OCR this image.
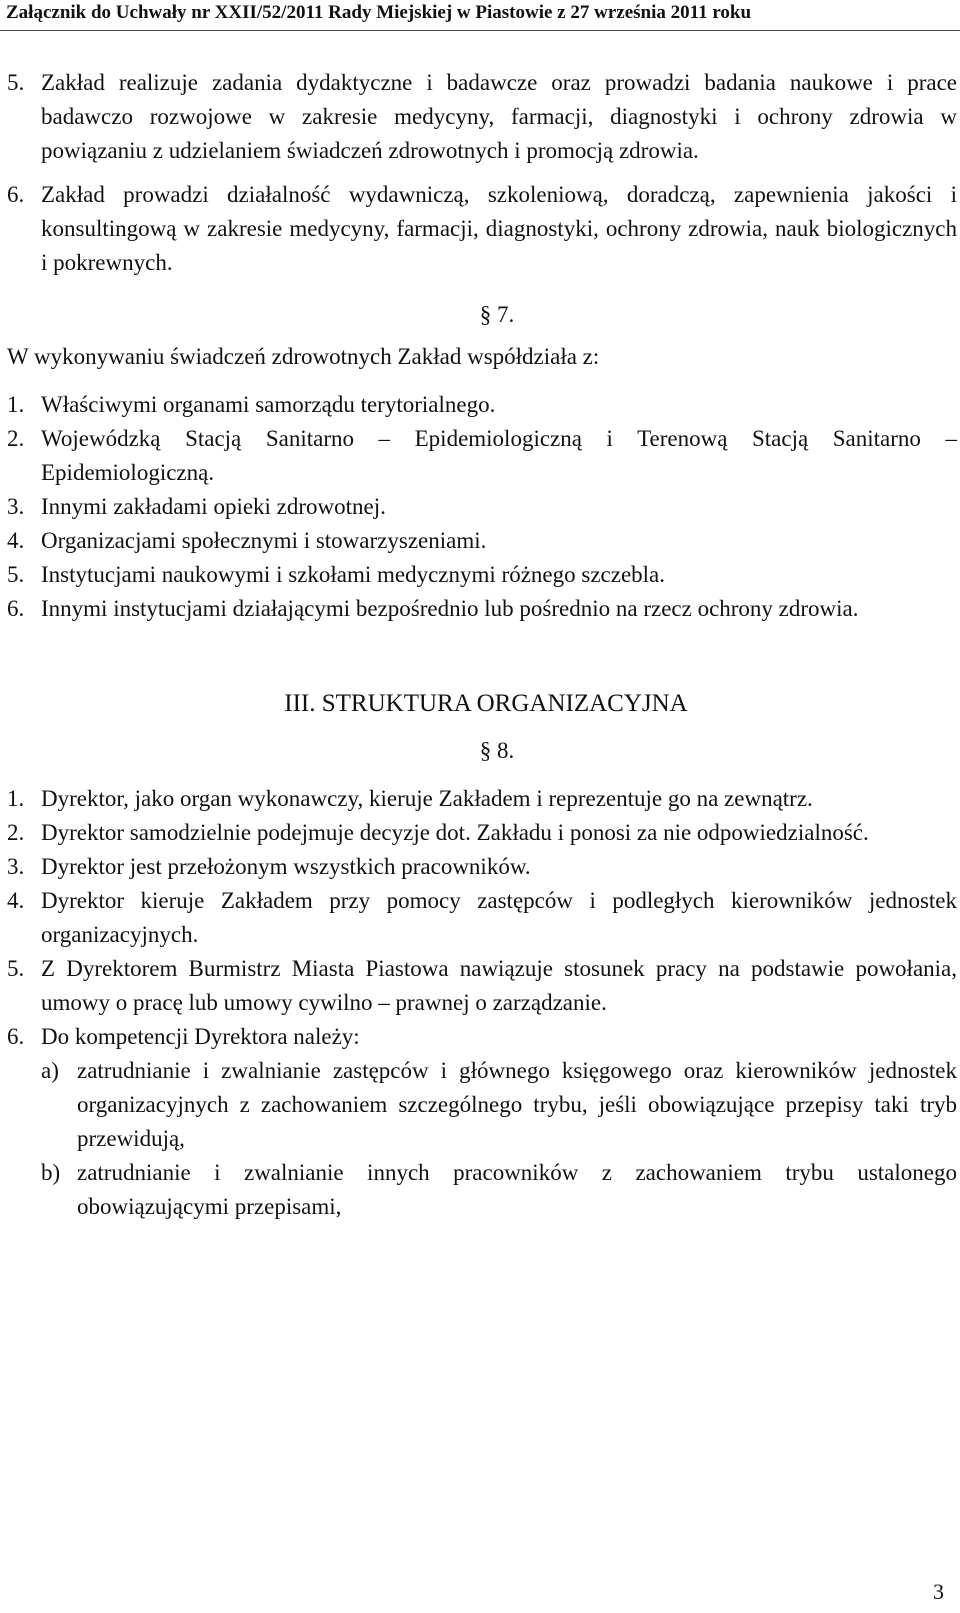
Załącznik do Uchwały nr XXII/52/2011 Rady Miejskiej w Piastowie z 27 września 2011 roku
5. Zakład realizuje zadania dydaktyczne i badawcze oraz prowadzi badania naukowe i prace badawczo rozwojowe w zakresie medycyny, farmacji, diagnostyki i ochrony zdrowia w powiązaniu z udzielaniem świadczeń zdrowotnych i promocją zdrowia.
6. Zakład prowadzi działalność wydawniczą, szkoleniową, doradczą, zapewnienia jakości i konsultingową w zakresie medycyny, farmacji, diagnostyki, ochrony zdrowia, nauk biologicznych i pokrewnych.
§ 7.
W wykonywaniu świadczeń zdrowotnych Zakład współdziała z:
1. Właściwymi organami samorządu terytorialnego.
2. Wojewódzką Stacją Sanitarno – Epidemiologiczną i Terenową Stacją Sanitarno – Epidemiologiczną.
3. Innymi zakładami opieki zdrowotnej.
4. Organizacjami społecznymi i stowarzyszeniami.
5. Instytucjami naukowymi i szkołami medycznymi różnego szczebla.
6. Innymi instytucjami działającymi bezpośrednio lub pośrednio na rzecz ochrony zdrowia.
III. STRUKTURA ORGANIZACYJNA
§ 8.
1. Dyrektor, jako organ wykonawczy, kieruje Zakładem i reprezentuje go na zewnątrz.
2. Dyrektor samodzielnie podejmuje decyzje dot. Zakładu i ponosi za nie odpowiedzialność.
3. Dyrektor jest przełożonym wszystkich pracowników.
4. Dyrektor kieruje Zakładem przy pomocy zastępców i podległych kierowników jednostek organizacyjnych.
5. Z Dyrektorem Burmistrz Miasta Piastowa nawiązuje stosunek pracy na podstawie powołania, umowy o pracę lub umowy cywilno – prawnej o zarządzanie.
6. Do kompetencji Dyrektora należy:
a) zatrudnianie i zwalnianie zastępców i głównego księgowego oraz kierowników jednostek organizacyjnych z zachowaniem szczególnego trybu, jeśli obowiązujące przepisy taki tryb przewidują,
b) zatrudnianie i zwalnianie innych pracowników z zachowaniem trybu ustalonego obowiązującymi przepisami,
3
